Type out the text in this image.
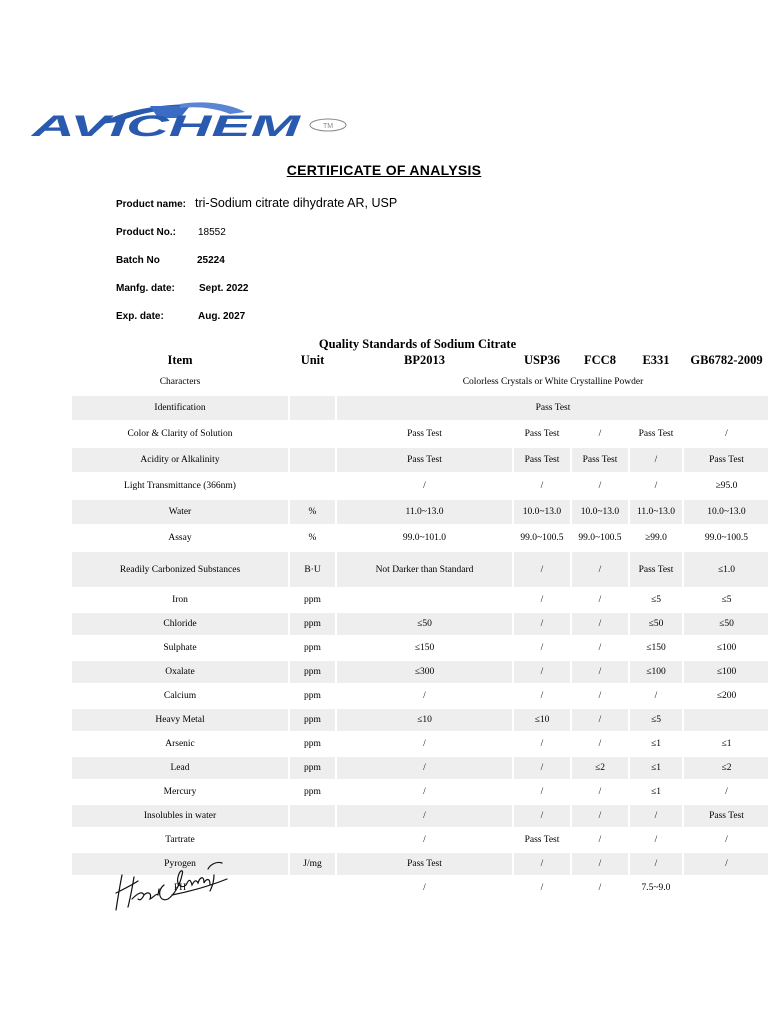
AVICHEM	TM
CERTIFICATE OF ANALYSIS
Product name: tri-Sodium citrate dihydrate AR, USP
Product No.: 18552
Batch No	25224
Manfg. date: Sept. 2022
Exp. date:	Aug. 2027
Quality Standards of Sodium Citrate
Item	Unit	BP2013	USP36	FCC8	E331	GB6782-2009
Characters		Colorless Crystals or White Crystalline Powder				
Identification		Pass Test				
Color & Clarity of Solution		Pass Test	Pass Test	/	Pass Test	/
Acidity or Alkalinity		Pass Test	Pass Test	Pass Test	/	Pass Test
Light Transmittance (366nm)		/	/	/	/	≥95.0
Water	%	11.0~13.0	10.0~13.0	10.0~13.0	11.0~13.0	10.0~13.0
Assay	%	99.0~101.0	99.0~100.5	99.0~100.5	≥99.0	99.0~100.5
Readily Carbonized Substances	B·U	Not Darker than Standard	/	/	Pass Test	≤1.0
Iron	ppm		/	/	≤5	≤5
Chloride	ppm	≤50	/	/	≤50	≤50
Sulphate	ppm	≤150	/	/	≤150	≤100
Oxalate	ppm	≤300	/	/	≤100	≤100
Calcium	ppm	/	/	/	/	≤200
Heavy Metal	ppm	≤10	≤10	/	≤5	
Arsenic	ppm	/	/	/	≤1	≤1
Lead	ppm	/	/	≤2	≤1	≤2
Mercury	ppm	/	/	/	≤1	/
Insolubles in water		/	/	/	/	Pass Test
Tartrate		/	Pass Test	/	/	/
Pyrogen	J/mg	Pass Test	/	/	/	/
PH		/	/	/	7.5~9.0	
